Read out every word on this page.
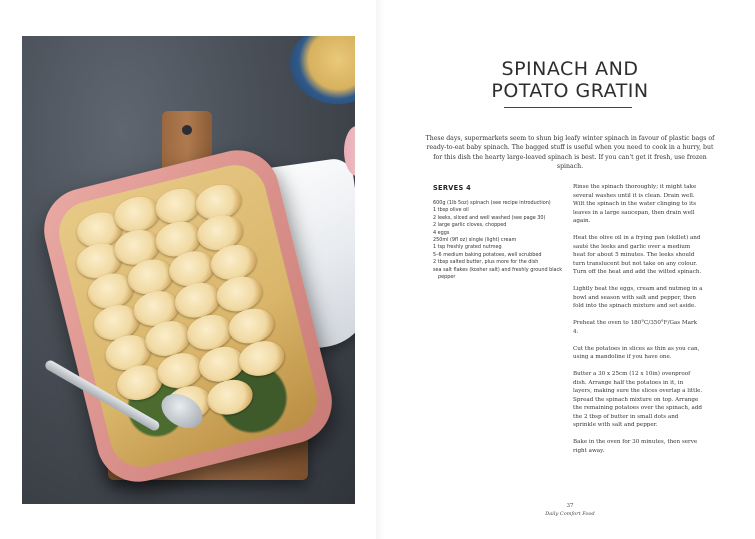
SPINACH AND
POTATO GRATIN

These days, supermarkets seem to shun big leafy winter spinach in favour of plastic bags of ready-to-eat baby spinach. The bagged stuff is useful when you need to cook in a hurry, but for this dish the hearty large-leaved spinach is best. If you can't get it fresh, use frozen spinach.

SERVES 4

600g (1lb 5oz) spinach (see recipe introduction)
1 tbsp olive oil
2 leeks, sliced and well washed (see page 30)
2 large garlic cloves, chopped
4 eggs
250ml (9fl oz) single (light) cream
1 tsp freshly grated nutmeg
5–6 medium baking potatoes, well scrubbed
2 tbsp salted butter, plus more for the dish
sea salt flakes (kosher salt) and freshly ground black pepper

Rinse the spinach thoroughly; it might take several washes until it is clean. Drain well. Wilt the spinach in the water clinging to its leaves in a large saucepan, then drain well again.

Heat the olive oil in a frying pan (skillet) and sauté the leeks and garlic over a medium heat for about 5 minutes. The leeks should turn translucent but not take on any colour. Turn off the heat and add the wilted spinach.

Lightly beat the eggs, cream and nutmeg in a bowl and season with salt and pepper, then fold into the spinach mixture and set aside.

Preheat the oven to 180°C/350°F/Gas Mark 4.

Cut the potatoes in slices as thin as you can, using a mandoline if you have one.

Butter a 30 x 25cm (12 x 10in) ovenproof dish. Arrange half the potatoes in it, in layers, making sure the slices overlap a little. Spread the spinach mixture on top. Arrange the remaining potatoes over the spinach, add the 2 tbsp of butter in small dots and sprinkle with salt and pepper.

Bake in the oven for 30 minutes, then serve right away.

37
Daily Comfort Food
